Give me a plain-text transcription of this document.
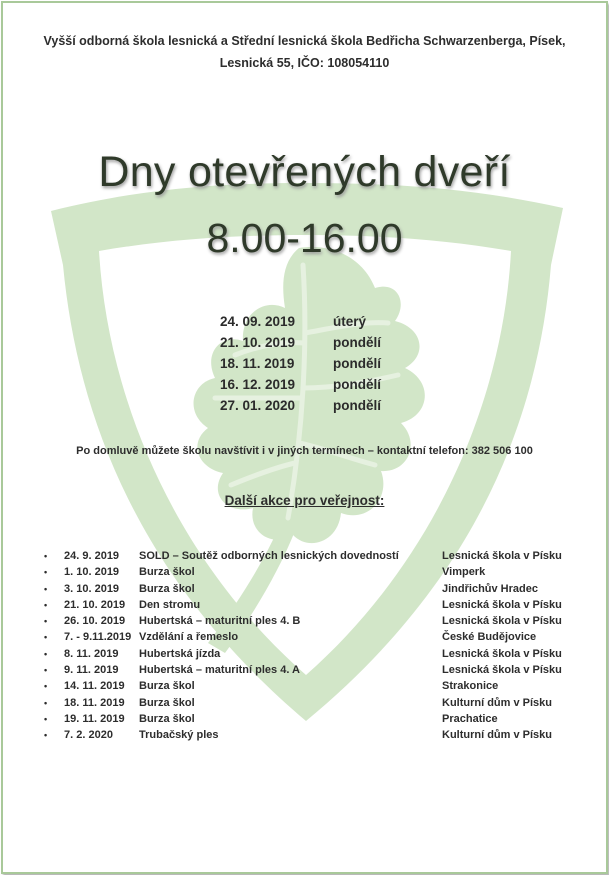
Vyšší odborná škola lesnická a Střední lesnická škola Bedřicha Schwarzenberga, Písek,
Lesnická 55, IČO: 108054110
Dny otevřených dveří
8.00-16.00
24. 09. 2019	úterý
21. 10. 2019	pondělí
18. 11. 2019	pondělí
16. 12. 2019	pondělí
27. 01. 2020	pondělí
Po domluvě můžete školu navštívit i v jiných termínech – kontaktní telefon: 382 506 100
Další akce pro veřejnost:
• 24. 9. 2019 SOLD – Soutěž odborných lesnických dovedností	Lesnická škola v Písku
• 1. 10. 2019 Burza škol	Vimperk
• 3. 10. 2019 Burza škol	Jindřichův Hradec
• 21. 10. 2019 Den stromu	Lesnická škola v Písku
• 26. 10. 2019 Hubertská – maturitní ples 4. B	Lesnická škola v Písku
• 7. - 9.11.2019 Vzdělání a řemeslo	České Budějovice
• 8. 11. 2019 Hubertská jízda	Lesnická škola v Písku
• 9. 11. 2019 Hubertská – maturitní ples 4. A	Lesnická škola v Písku
• 14. 11. 2019 Burza škol	Strakonice
• 18. 11. 2019 Burza škol	Kulturní dům v Písku
• 19. 11. 2019 Burza škol	Prachatice
• 7. 2. 2020 Trubačský ples	Kulturní dům v Písku
